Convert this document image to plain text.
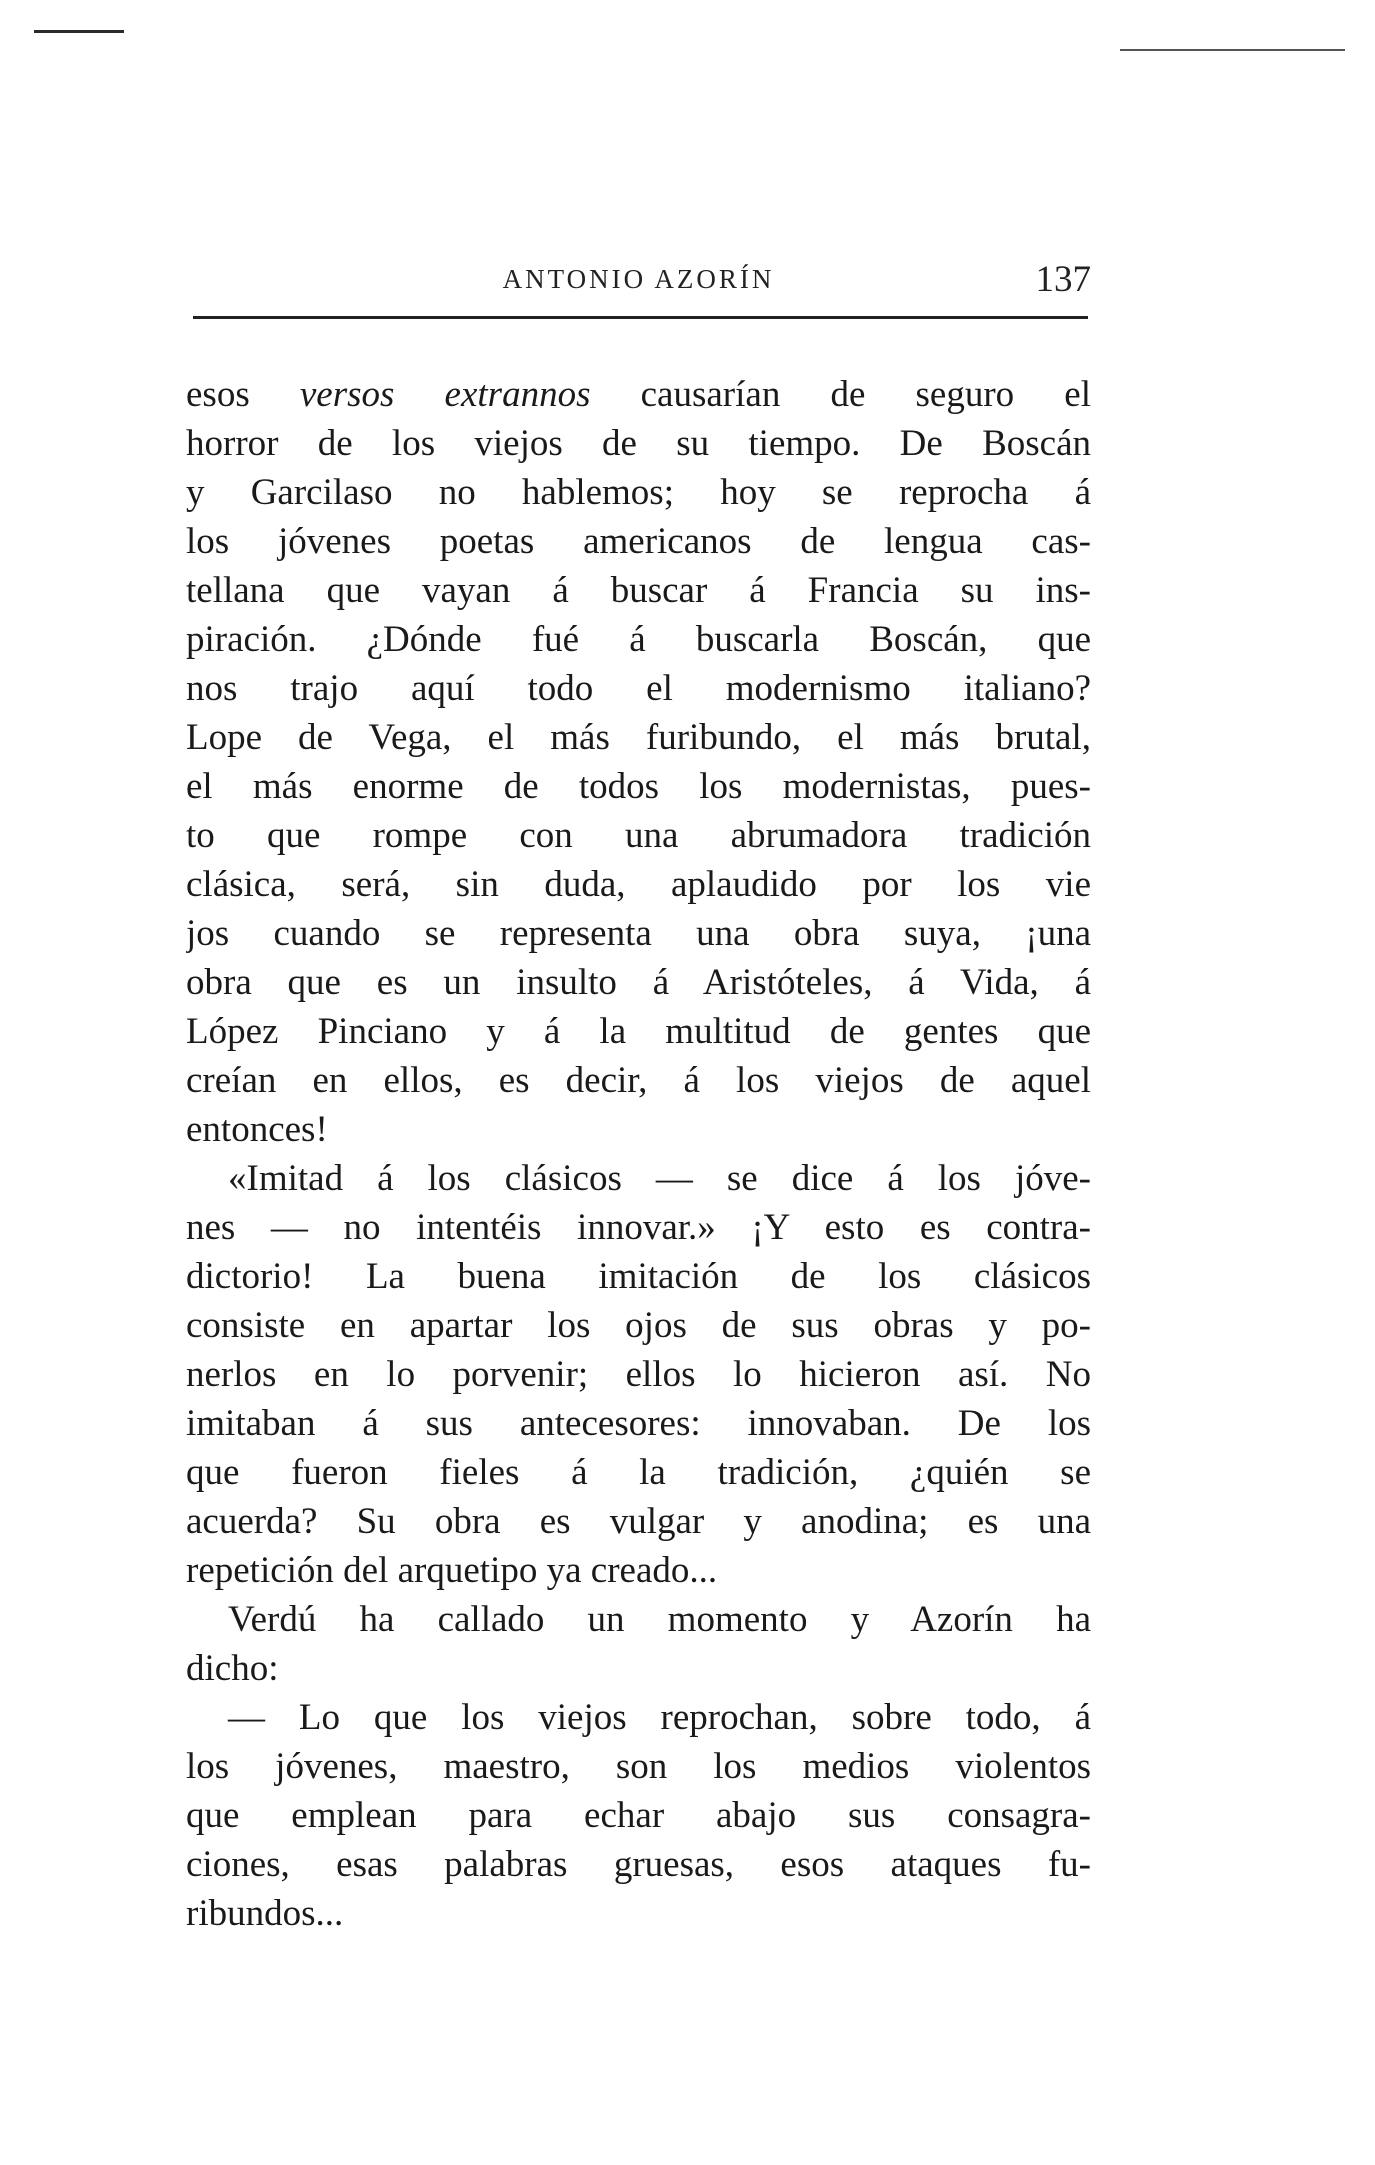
ANTONIO AZORÍN	137
esos versos extrannos causarían de seguro el
horror de los viejos de su tiempo. De Boscán
y Garcilaso no hablemos; hoy se reprocha á
los jóvenes poetas americanos de lengua cas-
tellana que vayan á buscar á Francia su ins-
piración. ¿Dónde fué á buscarla Boscán, que
nos trajo aquí todo el modernismo italiano?
Lope de Vega, el más furibundo, el más brutal,
el más enorme de todos los modernistas, pues-
to que rompe con una abrumadora tradición
clásica, será, sin duda, aplaudido por los vie
jos cuando se representa una obra suya, ¡una
obra que es un insulto á Aristóteles, á Vida, á
López Pinciano y á la multitud de gentes que
creían en ellos, es decir, á los viejos de aquel
entonces!
«Imitad á los clásicos — se dice á los jóve-
nes — no intentéis innovar.» ¡Y esto es contra-
dictorio! La buena imitación de los clásicos
consiste en apartar los ojos de sus obras y po-
nerlos en lo porvenir; ellos lo hicieron así. No
imitaban á sus antecesores: innovaban. De los
que fueron fieles á la tradición, ¿quién se
acuerda? Su obra es vulgar y anodina; es una
repetición del arquetipo ya creado...
Verdú ha callado un momento y Azorín ha
dicho:
— Lo que los viejos reprochan, sobre todo, á
los jóvenes, maestro, son los medios violentos
que emplean para echar abajo sus consagra-
ciones, esas palabras gruesas, esos ataques fu-
ribundos...
